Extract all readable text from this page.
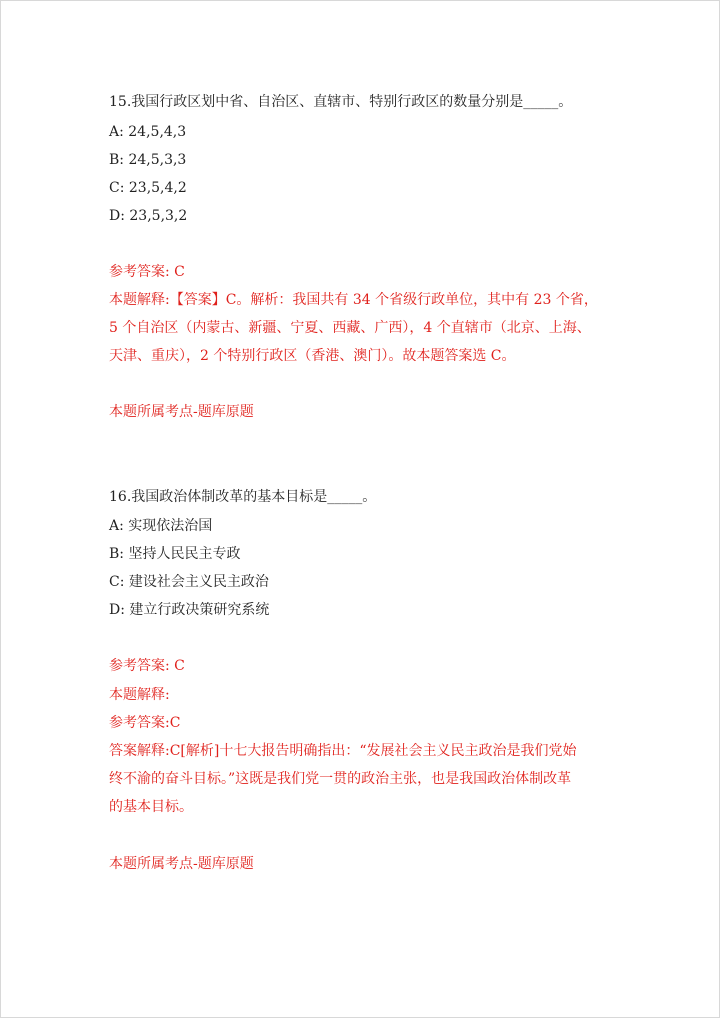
15.我国行政区划中省、自治区、直辖市、特别行政区的数量分别是_____。
A: 24,5,4,3
B: 24,5,3,3
C: 23,5,4,2
D: 23,5,3,2
参考答案: C
本题解释:【答案】C。解析：我国共有 34 个省级行政单位，其中有 23 个省，
5 个自治区（内蒙古、新疆、宁夏、西藏、广西），4 个直辖市（北京、上海、
天津、重庆），2 个特别行政区（香港、澳门）。故本题答案选 C。
本题所属考点-题库原题
16.我国政治体制改革的基本目标是_____。
A: 实现依法治国
B: 坚持人民民主专政
C: 建设社会主义民主政治
D: 建立行政决策研究系统
参考答案: C
本题解释:
参考答案:C
答案解释:C[解析]十七大报告明确指出：“发展社会主义民主政治是我们党始
终不渝的奋斗目标。”这既是我们党一贯的政治主张，也是我国政治体制改革
的基本目标。
本题所属考点-题库原题
